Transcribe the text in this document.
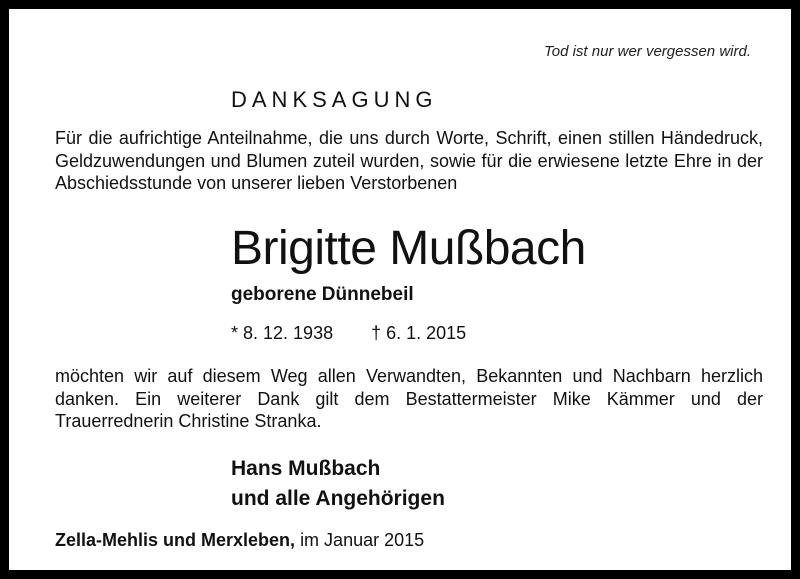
Tod ist nur wer vergessen wird.
DANKSAGUNG
Für die aufrichtige Anteilnahme, die uns durch Worte, Schrift, einen stillen Händedruck, Geldzuwendungen und Blumen zuteil wurden, sowie für die erwiesene letzte Ehre in der Abschiedsstunde von unserer lieben Verstorbenen
Brigitte Mußbach
geborene Dünnebeil
* 8. 12. 1938 † 6. 1. 2015
möchten wir auf diesem Weg allen Verwandten, Bekannten und Nachbarn herzlich danken. Ein weiterer Dank gilt dem Bestattermeister Mike Kämmer und der Trauerrednerin Christine Stranka.
Hans Mußbach
und alle Angehörigen
Zella-Mehlis und Merxleben, im Januar 2015
